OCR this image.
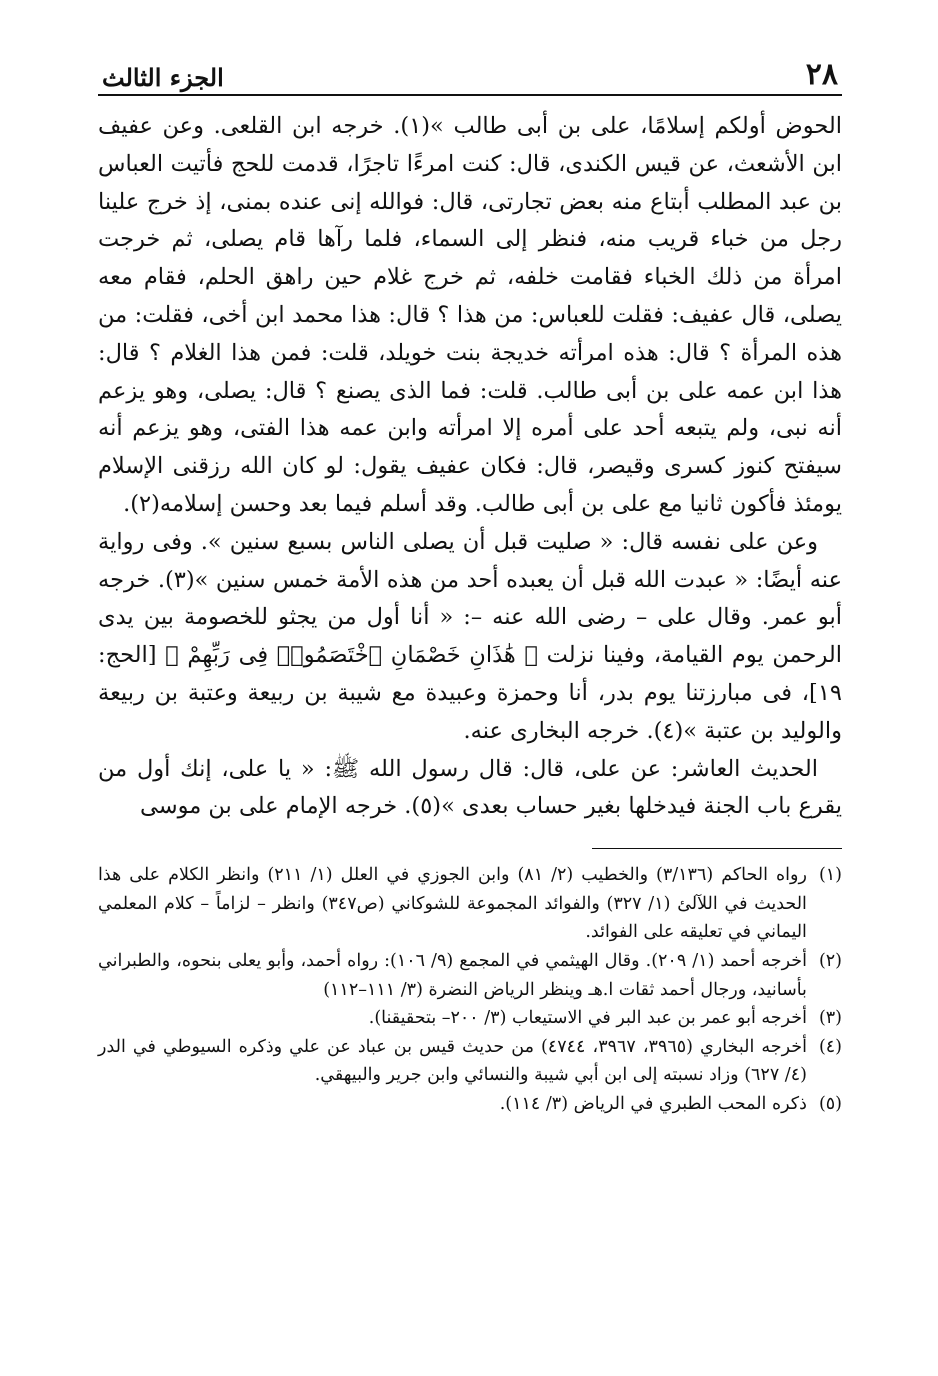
٢٨
الجزء الثالث

الحوض أولكم إسلامًا، على بن أبى طالب »(١). خرجه ابن القلعى. وعن عفيف ابن الأشعث، عن قيس الكندى، قال: كنت امرءًا تاجرًا، قدمت للحج فأتيت العباس بن عبد المطلب أبتاع منه بعض تجارتى، قال: فوالله إنى عنده بمنى، إذ خرج علينا رجل من خباء قريب منه، فنظر إلى السماء، فلما رآها قام يصلى، ثم خرجت امرأة من ذلك الخباء فقامت خلفه، ثم خرج غلام حين راهق الحلم، فقام معه يصلى، قال عفيف: فقلت للعباس: من هذا ؟ قال: هذا محمد ابن أخى، فقلت: من هذه المرأة ؟ قال: هذه امرأته خديجة بنت خويلد، قلت: فمن هذا الغلام ؟ قال: هذا ابن عمه على بن أبى طالب. قلت: فما الذى يصنع ؟ قال: يصلى، وهو يزعم أنه نبى، ولم يتبعه أحد على أمره إلا امرأته وابن عمه هذا الفتى، وهو يزعم أنه سيفتح كنوز كسرى وقيصر، قال: فكان عفيف يقول: لو كان الله رزقنى الإسلام يومئذ فأكون ثانيا مع على بن أبى طالب. وقد أسلم فيما بعد وحسن إسلامه(٢).

وعن على نفسه قال: « صليت قبل أن يصلى الناس بسبع سنين ». وفى رواية عنه أيضًا: « عبدت الله قبل أن يعبده أحد من هذه الأمة خمس سنين »(٣). خرجه أبو عمر. وقال على – رضى الله عنه –: « أنا أول من يجثو للخصومة بين يدى الرحمن يوم القيامة، وفينا نزلت ﴿ هَٰذَانِ خَصْمَانِ ٱخْتَصَمُوا۟ فِى رَبِّهِمْ ﴾ [الحج: ١٩]، فى مبارزتنا يوم بدر، أنا وحمزة وعبيدة مع شيبة بن ربيعة وعتبة بن ربيعة والوليد بن عتبة »(٤). خرجه البخارى عنه.

الحديث العاشر: عن على، قال: قال رسول الله ﷺ: « يا على، إنك أول من يقرع باب الجنة فيدخلها بغير حساب بعدى »(٥). خرجه الإمام على بن موسى

(١)
رواه الحاكم (٣/١٣٦) والخطيب (٢/ ٨١) وابن الجوزي في العلل (١/ ٢١١) وانظر الكلام على هذا الحديث في اللآلئ (١/ ٣٢٧) والفوائد المجموعة للشوكاني (ص٣٤٧) وانظر – لزاماً – كلام المعلمي اليماني في تعليقه على الفوائد.
(٢)
أخرجه أحمد (١/ ٢٠٩). وقال الهيثمي في المجمع (٩/ ١٠٦): رواه أحمد، وأبو يعلى بنحوه، والطبراني بأسانيد، ورجال أحمد ثقات ا.هـ وينظر الرياض النضرة (٣/ ١١١–١١٢)
(٣)
أخرجه أبو عمر بن عبد البر في الاستيعاب (٣/ ٢٠٠– بتحقيقنا).
(٤)
أخرجه البخاري (٣٩٦٥، ٣٩٦٧، ٤٧٤٤) من حديث قيس بن عباد عن علي وذكره السيوطي في الدر (٤/ ٦٢٧) وزاد نسبته إلى ابن أبي شيبة والنسائي وابن جرير والبيهقي.
(٥)
ذكره المحب الطبري في الرياض (٣/ ١١٤).
